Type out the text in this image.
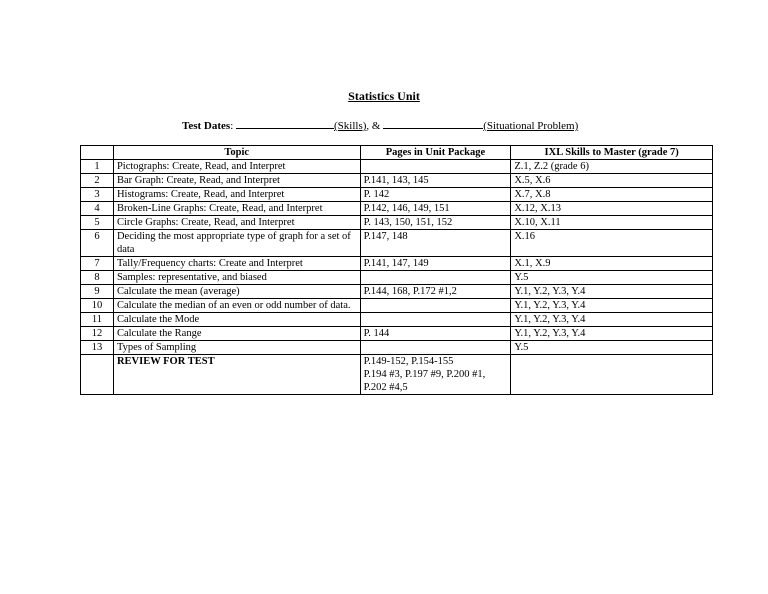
Statistics Unit
Test Dates:	(Skills), &	(Situational Problem)
	Topic	Pages in Unit Package	IXL Skills to Master (grade 7)
1	Pictographs: Create, Read, and Interpret		Z.1, Z.2 (grade 6)
2	Bar Graph: Create, Read, and Interpret	P.141, 143, 145	X.5, X.6
3	Histograms: Create, Read, and Interpret	P. 142	X.7, X.8
4	Broken-Line Graphs: Create, Read, and Interpret	P.142, 146, 149, 151	X.12, X.13
5	Circle Graphs: Create, Read, and Interpret	P. 143, 150, 151, 152	X.10, X.11
6	Deciding the most appropriate type of graph for a set of data	P.147, 148	X.16
7	Tally/Frequency charts: Create and Interpret	P.141, 147, 149	X.1, X.9
8	Samples: representative, and biased		Y.5
9	Calculate the mean (average)	P.144, 168, P.172 #1,2	Y.1, Y.2, Y.3, Y.4
10	Calculate the median of an even or odd number of data.		Y.1, Y.2, Y.3, Y.4
11	Calculate the Mode		Y.1, Y.2, Y.3, Y.4
12	Calculate the Range	P. 144	Y.1, Y.2, Y.3, Y.4
13	Types of Sampling		Y.5
	REVIEW FOR TEST	P.149-152, P.154-155
P.194 #3, P.197 #9, P.200 #1,
P.202 #4,5	
